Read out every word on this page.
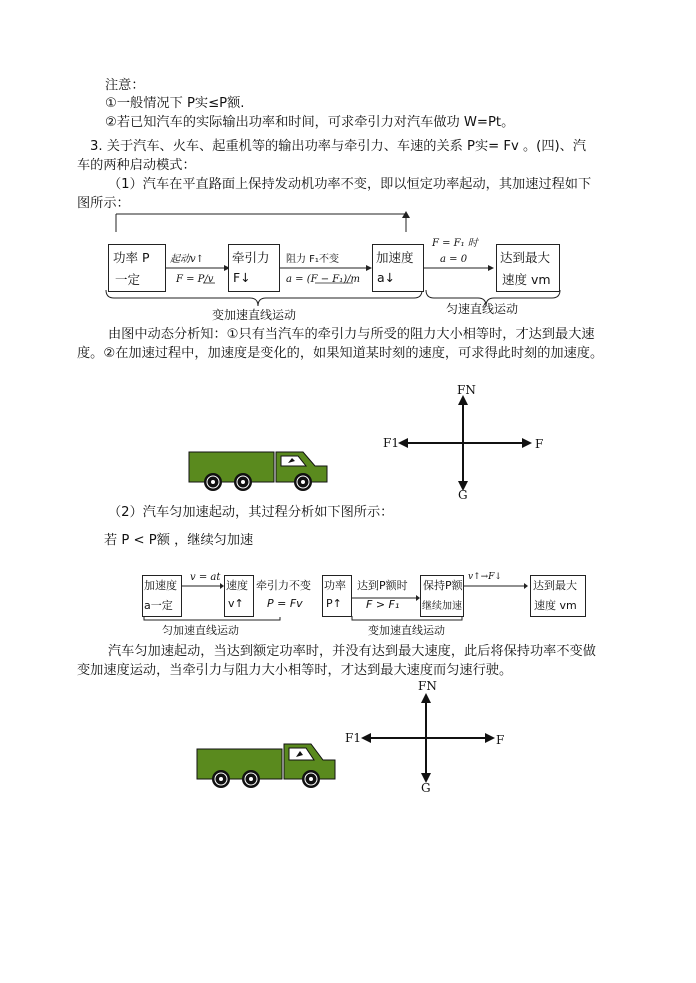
注意：
①一般情况下 P实≤P额.
②若已知汽车的实际输出功率和时间，可求牵引力对汽车做功 W=Pt。
3. 关于汽车、火车、起重机等的输出功率与牵引力、车速的关系 P实= Fv 。(四)、汽
车的两种启动模式：
（1）汽车在平直路面上保持发动机功率不变，即以恒定功率起动，其加速过程如下
图所示：
功率 P
一定
起动v↑
F = P/v
牵引力
F↓
阻力 F₁不变
a = (F − F₁)/m
加速度
a↓
F = F₁ 时
a = 0	达到最大
速度 vm
变加速直线运动	匀速直线运动
由图中动态分析知：①只有当汽车的牵引力与所受的阻力大小相等时，才达到最大速
度。②在加速过程中，加速度是变化的，如果知道某时刻的速度，可求得此时刻的加速度。
FN
F1	F
G
（2）汽车匀加速起动，其过程分析如下图所示：
若 P < P额 ，继续匀加速
加速度
a一定
v = at
速度
v↑
牵引力不变
P = Fv
功率
P↑
达到P额时
F > F₁
保持P额
继续加速
v↑→F↓
达到最大
速度 vm
匀加速直线运动	变加速直线运动
汽车匀加速起动，当达到额定功率时，并没有达到最大速度，此后将保持功率不变做
变加速度运动，当牵引力与阻力大小相等时，才达到最大速度而匀速行驶。
FN
F1	F
G
